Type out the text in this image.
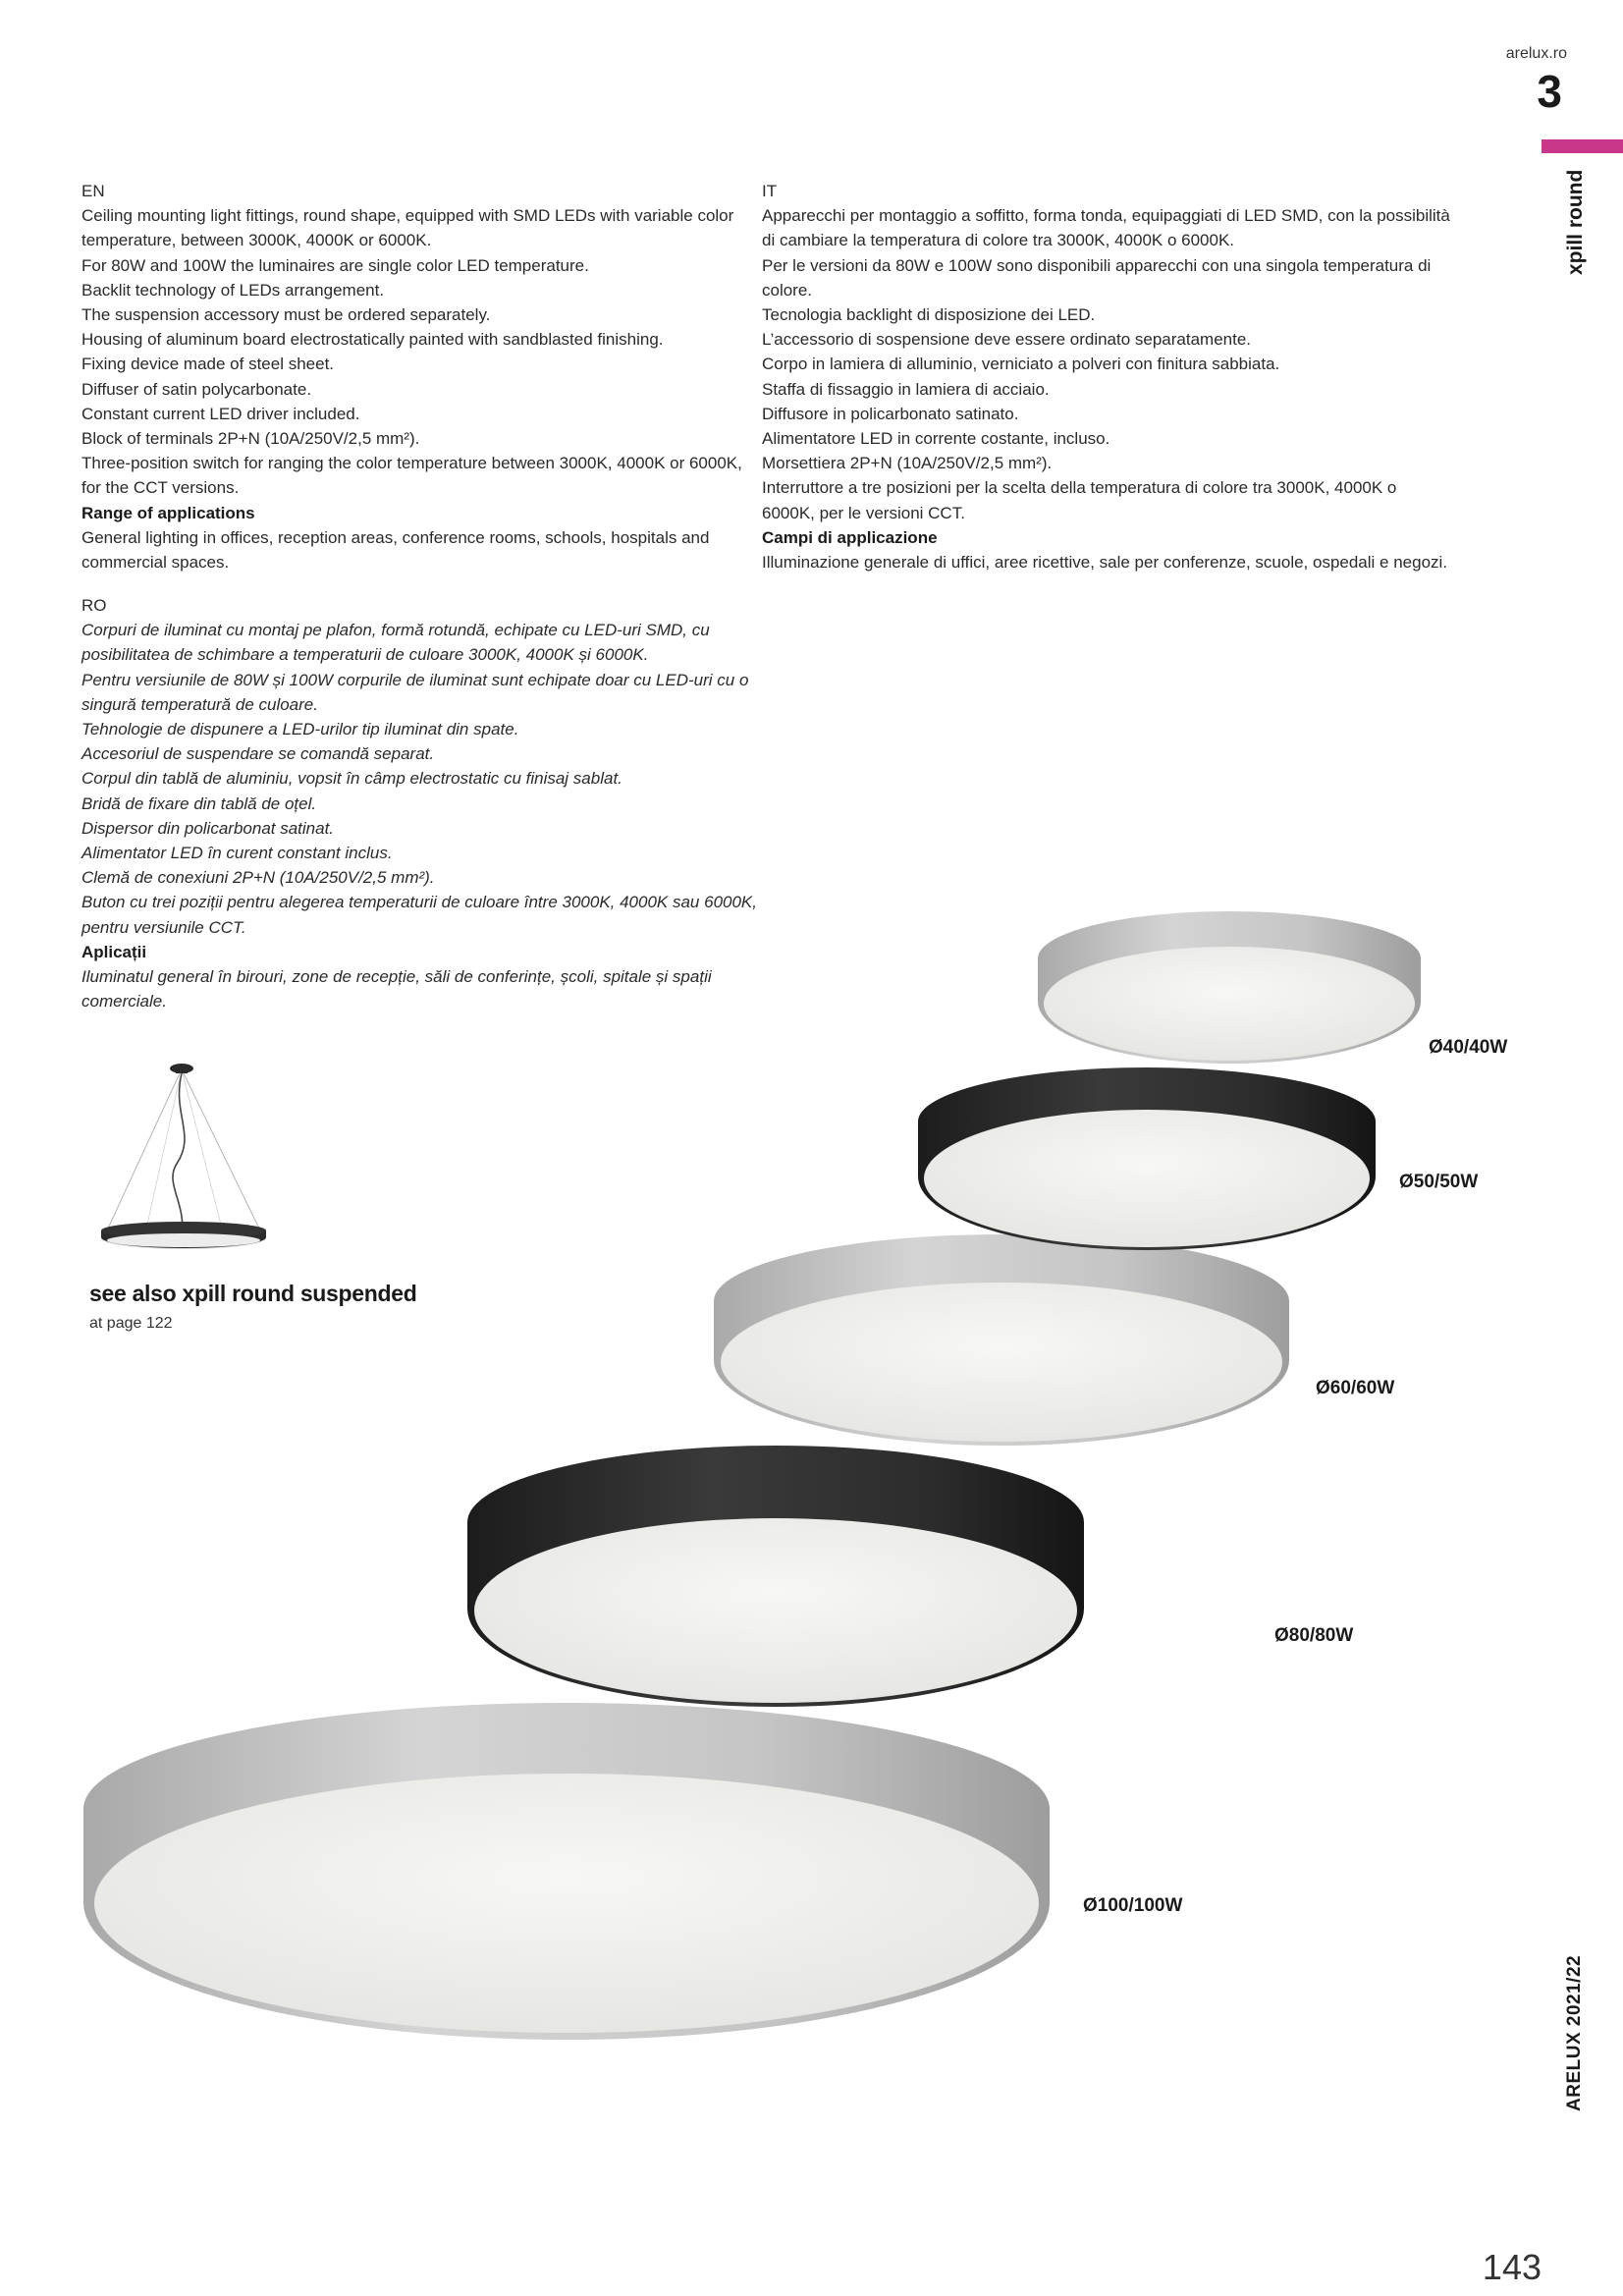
arelux.ro
3
xpill round

EN

Ceiling mounting light fittings, round shape, equipped with SMD LEDs with variable color

temperature, between 3000K, 4000K or 6000K.

For 80W and 100W the luminaires are single color LED temperature.

Backlit technology of LEDs arrangement.

The suspension accessory must be ordered separately.

Housing of aluminum board electrostatically painted with sandblasted finishing.

Fixing device made of steel sheet.

Diffuser of satin polycarbonate.

Constant current LED driver included.

Block of terminals 2P+N (10A/250V/2,5 mm²).

Three-position switch for ranging the color temperature between 3000K, 4000K or 6000K,

for the CCT versions.

Range of applications

General lighting in offices, reception areas, conference rooms, schools, hospitals and

commercial spaces.

IT

Apparecchi per montaggio a soffitto, forma tonda, equipaggiati di LED SMD, con la possibilità

di cambiare la temperatura di colore tra 3000K, 4000K o 6000K.

Per le versioni da 80W e 100W sono disponibili apparecchi con una singola temperatura di

colore.

Tecnologia backlight di disposizione dei LED.

L’accessorio di sospensione deve essere ordinato separatamente.

Corpo in lamiera di alluminio, verniciato a polveri con finitura sabbiata.

Staffa di fissaggio in lamiera di acciaio.

Diffusore in policarbonato satinato.

Alimentatore LED in corrente costante, incluso.

Morsettiera 2P+N (10A/250V/2,5 mm²).

Interruttore a tre posizioni per la scelta della temperatura di colore tra 3000K, 4000K o

6000K, per le versioni CCT.

Campi di applicazione

Illuminazione generale di uffici, aree ricettive, sale per conferenze, scuole, ospedali e negozi.

RO

Corpuri de iluminat cu montaj pe plafon, formă rotundă, echipate cu LED-uri SMD, cu

posibilitatea de schimbare a temperaturii de culoare 3000K, 4000K și 6000K.

Pentru versiunile de 80W și 100W corpurile de iluminat sunt echipate doar cu LED-uri cu o

singură temperatură de culoare.

Tehnologie de dispunere a LED-urilor tip iluminat din spate.

Accesoriul de suspendare se comandă separat.

Corpul din tablă de aluminiu, vopsit în câmp electrostatic cu finisaj sablat.

Bridă de fixare din tablă de oțel.

Dispersor din policarbonat satinat.

Alimentator LED în curent constant inclus.

Clemă de conexiuni 2P+N (10A/250V/2,5 mm²).

Buton cu trei poziții pentru alegerea temperaturii de culoare între 3000K, 4000K sau 6000K,

pentru versiunile CCT.

Aplicații

Iluminatul general în birouri, zone de recepție, săli de conferințe, școli, spitale și spații

comerciale.

see also xpill round suspended
at page 122
Ø40/40W
Ø50/50W
Ø60/60W
Ø80/80W
Ø100/100W
ARELUX 2021/22
143
